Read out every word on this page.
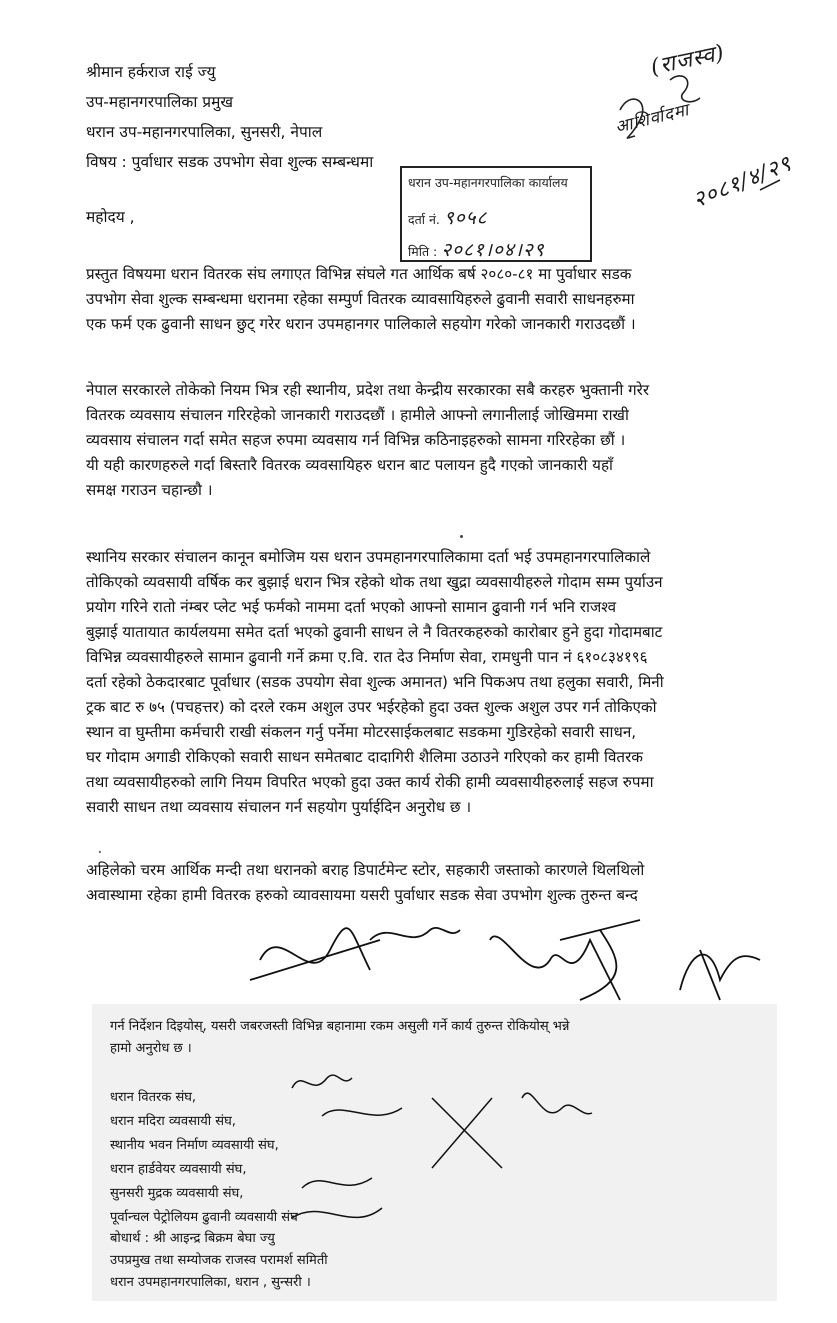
श्रीमान हर्कराज राई ज्यु
उप-महानगरपालिका प्रमुख
धरान उप-महानगरपालिका, सुनसरी, नेपाल
विषय : पुर्वाधार सडक उपभोग सेवा शुल्क सम्बन्धमा
धरान उप-महानगरपालिका कार्यालय
दर्ता नं. ९०५८
मिति : २०८१।०४।२९
(राजस्व)
आशिर्वादमा
२०८१/४/२९
महोदय ,
प्रस्तुत विषयमा धरान वितरक संघ लगाएत विभिन्न संघले गत आर्थिक बर्ष २०८०-८१ मा पुर्वाधार सडक
उपभोग सेवा शुल्क सम्बन्धमा धरानमा रहेका सम्पुर्ण वितरक व्यावसायिहरुले ढुवानी सवारी साधनहरुमा
एक फर्म एक ढुवानी साधन छुट् गरेर धरान उपमहानगर पालिकाले सहयोग गरेको जानकारी गराउदछौं ।
नेपाल सरकारले तोकेको नियम भित्र रही स्थानीय, प्रदेश तथा केन्द्रीय सरकारका सबै करहरु भुक्तानी गरेर
वितरक व्यवसाय संचालन गरिरहेको जानकारी गराउदछौं । हामीले आफ्नो लगानीलाई जोखिममा राखी
व्यवसाय संचालन गर्दा समेत सहज रुपमा व्यवसाय गर्न विभिन्न कठिनाइहरुको सामना गरिरहेका छौं ।
यी यही कारणहरुले गर्दा बिस्तारै वितरक व्यवसायिहरु धरान बाट पलायन हुदै गएको जानकारी यहाँ
समक्ष गराउन चहान्छौ ।
स्थानिय सरकार संचालन कानून बमोजिम यस धरान उपमहानगरपालिकामा दर्ता भई उपमहानगरपालिकाले
तोकिएको व्यवसायी वर्षिक कर बुझाई धरान भित्र रहेको थोक तथा खुद्रा व्यवसायीहरुले गोदाम सम्म पुर्याउन
प्रयोग गरिने रातो नंम्बर प्लेट भई फर्मको नाममा दर्ता भएको आफ्नो सामान ढुवानी गर्न भनि राजश्व
बुझाई यातायात कार्यलयमा समेत दर्ता भएको ढुवानी साधन ले नै वितरकहरुको कारोबार हुने हुदा गोदामबाट
विभिन्न व्यवसायीहरुले सामान ढुवानी गर्ने क्रमा ए.वि. रात देउ निर्माण सेवा, रामधुनी पान नं ६१०८३४१९६
दर्ता रहेको ठेकदारबाट पूर्वाधार (सडक उपयोग सेवा शुल्क अमानत) भनि पिकअप तथा हलुका सवारी, मिनी
ट्रक बाट रु ७५ (पचहत्तर) को दरले रकम अशुल उपर भईरहेको हुदा उक्त शुल्क अशुल उपर गर्न तोकिएको
स्थान वा घुम्तीमा कर्मचारी राखी संकलन गर्नु पर्नेमा मोटरसाईकलबाट सडकमा गुडिरहेको सवारी साधन,
घर गोदाम अगाडी रोकिएको सवारी साधन समेतबाट दादागिरी शैलिमा उठाउने गरिएको कर हामी वितरक
तथा व्यवसायीहरुको लागि नियम विपरित भएको हुदा उक्त कार्य रोकी हामी व्यवसायीहरुलाई सहज रुपमा
सवारी साधन तथा व्यवसाय संचालन गर्न सहयोग पुर्याईदिन अनुरोध छ ।
·
अहिलेको चरम आर्थिक मन्दी तथा धरानको बराह डिपार्टमेन्ट स्टोर, सहकारी जस्ताको कारणले थिलथिलो
अवास्थामा रहेका हामी वितरक हरुको व्यावसायमा यसरी पुर्वाधार सडक सेवा उपभोग शुल्क तुरुन्त बन्द
गर्न निर्देशन दिइयोस्, यसरी जबरजस्ती विभिन्न बहानामा रकम असुली गर्ने कार्य तुरुन्त रोकियोस् भन्ने
हामो अनुरोध छ ।
धरान वितरक संघ,
धरान मदिरा व्यवसायी संघ,
स्थानीय भवन निर्माण व्यवसायी संघ,
धरान हार्डवेयर व्यवसायी संघ,
सुनसरी मुद्रक व्यवसायी संघ,
पूर्वान्चल पेट्रोलियम ढुवानी व्यवसायी संघ
बोधार्थ : श्री आइन्द्र बिक्रम बेघा ज्यु
उपप्रमुख तथा सम्योजक राजस्व परामर्श समिती
धरान उपमहानगरपालिका, धरान , सुन्सरी ।
